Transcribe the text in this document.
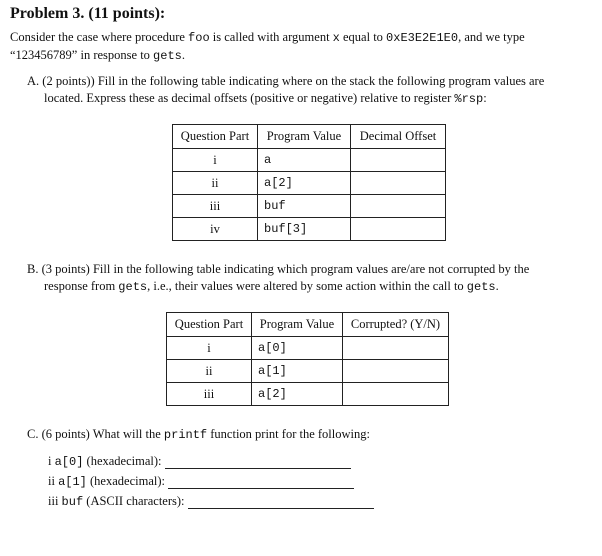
Problem 3. (11 points):
Consider the case where procedure foo is called with argument x equal to 0xE3E2E1E0, and we type
“123456789” in response to gets.
A. (2 points)) Fill in the following table indicating where on the stack the following program values are
located. Express these as decimal offsets (positive or negative) relative to register %rsp:
Question Part	Program Value	Decimal Offset
i	a	
ii	a[2]	
iii	buf	
iv	buf[3]	
B. (3 points) Fill in the following table indicating which program values are/are not corrupted by the
response from gets, i.e., their values were altered by some action within the call to gets.
Question Part	Program Value	Corrupted? (Y/N)
i	a[0]	
ii	a[1]	
iii	a[2]	
C. (6 points) What will the printf function print for the following:
i a[0] (hexadecimal):
ii a[1] (hexadecimal):
iii buf (ASCII characters):
